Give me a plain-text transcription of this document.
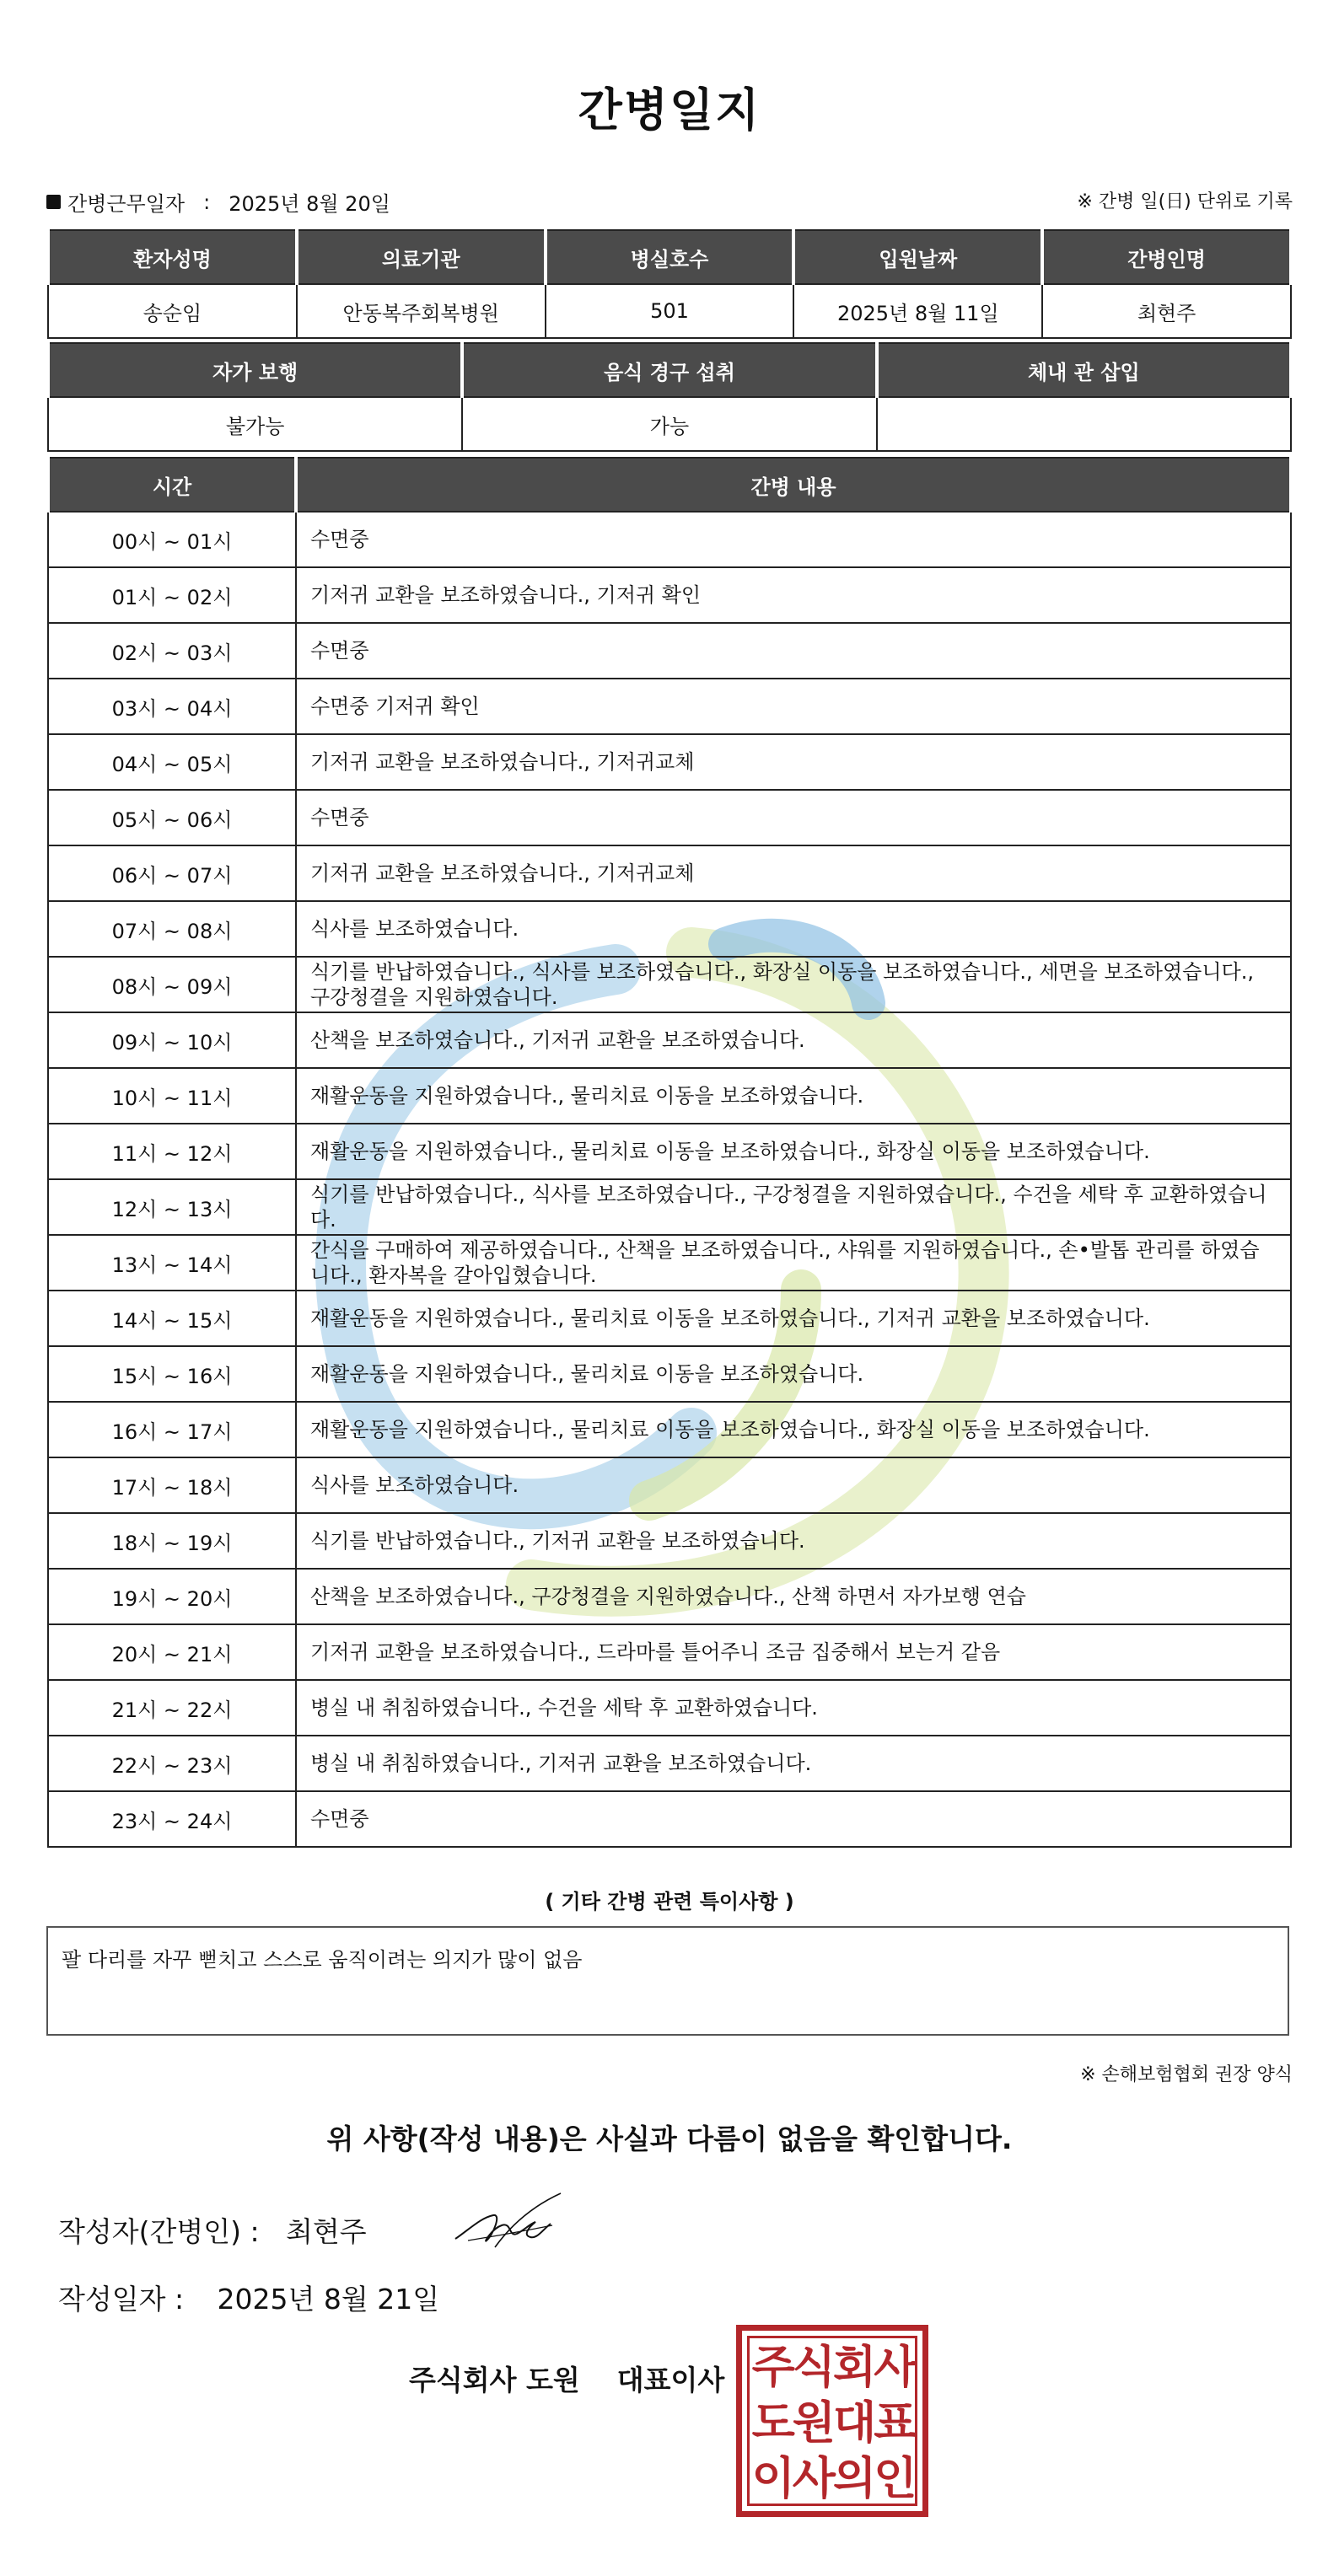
간병일지
간병근무일자 : 2025년 8월 20일	※ 간병 일(日) 단위로 기록
환자성명	의료기관	병실호수	입원날짜	간병인명
송순임	안동복주회복병원	501	2025년 8월 11일	최현주
자가 보행	음식 경구 섭취	체내 관 삽입
불가능	가능	
시간	간병 내용
00시 ~ 01시	수면중
01시 ~ 02시	기저귀 교환을 보조하였습니다., 기저귀 확인
02시 ~ 03시	수면중
03시 ~ 04시	수면중 기저귀 확인
04시 ~ 05시	기저귀 교환을 보조하였습니다., 기저귀교체
05시 ~ 06시	수면중
06시 ~ 07시	기저귀 교환을 보조하였습니다., 기저귀교체
07시 ~ 08시	식사를 보조하였습니다.
08시 ~ 09시	식기를 반납하였습니다., 식사를 보조하였습니다., 화장실 이동을 보조하였습니다., 세면을 보조하였습니다., 구강청결을 지원하였습니다.
09시 ~ 10시	산책을 보조하였습니다., 기저귀 교환을 보조하였습니다.
10시 ~ 11시	재활운동을 지원하였습니다., 물리치료 이동을 보조하였습니다.
11시 ~ 12시	재활운동을 지원하였습니다., 물리치료 이동을 보조하였습니다., 화장실 이동을 보조하였습니다.
12시 ~ 13시	식기를 반납하였습니다., 식사를 보조하였습니다., 구강청결을 지원하였습니다., 수건을 세탁 후 교환하였습니다.
13시 ~ 14시	간식을 구매하여 제공하였습니다., 산책을 보조하였습니다., 샤워를 지원하였습니다., 손•발톱 관리를 하였습니다., 환자복을 갈아입혔습니다.
14시 ~ 15시	재활운동을 지원하였습니다., 물리치료 이동을 보조하였습니다., 기저귀 교환을 보조하였습니다.
15시 ~ 16시	재활운동을 지원하였습니다., 물리치료 이동을 보조하였습니다.
16시 ~ 17시	재활운동을 지원하였습니다., 물리치료 이동을 보조하였습니다., 화장실 이동을 보조하였습니다.
17시 ~ 18시	식사를 보조하였습니다.
18시 ~ 19시	식기를 반납하였습니다., 기저귀 교환을 보조하였습니다.
19시 ~ 20시	산책을 보조하였습니다., 구강청결을 지원하였습니다., 산책 하면서 자가보행 연습
20시 ~ 21시	기저귀 교환을 보조하였습니다., 드라마를 틀어주니 조금 집중해서 보는거 같음
21시 ~ 22시	병실 내 취침하였습니다., 수건을 세탁 후 교환하였습니다.
22시 ~ 23시	병실 내 취침하였습니다., 기저귀 교환을 보조하였습니다.
23시 ~ 24시	수면중
( 기타 간병 관련 특이사항 )
팔 다리를 자꾸 뻗치고 스스로 움직이려는 의지가 많이 없음
※ 손해보험협회 권장 양식
위 사항(작성 내용)은 사실과 다름이 없음을 확인합니다.
작성자(간병인) : 최현주
작성일자 : 2025년 8월 21일
주식회사 도원 대표이사 주식회사
도원대표
이사의인
